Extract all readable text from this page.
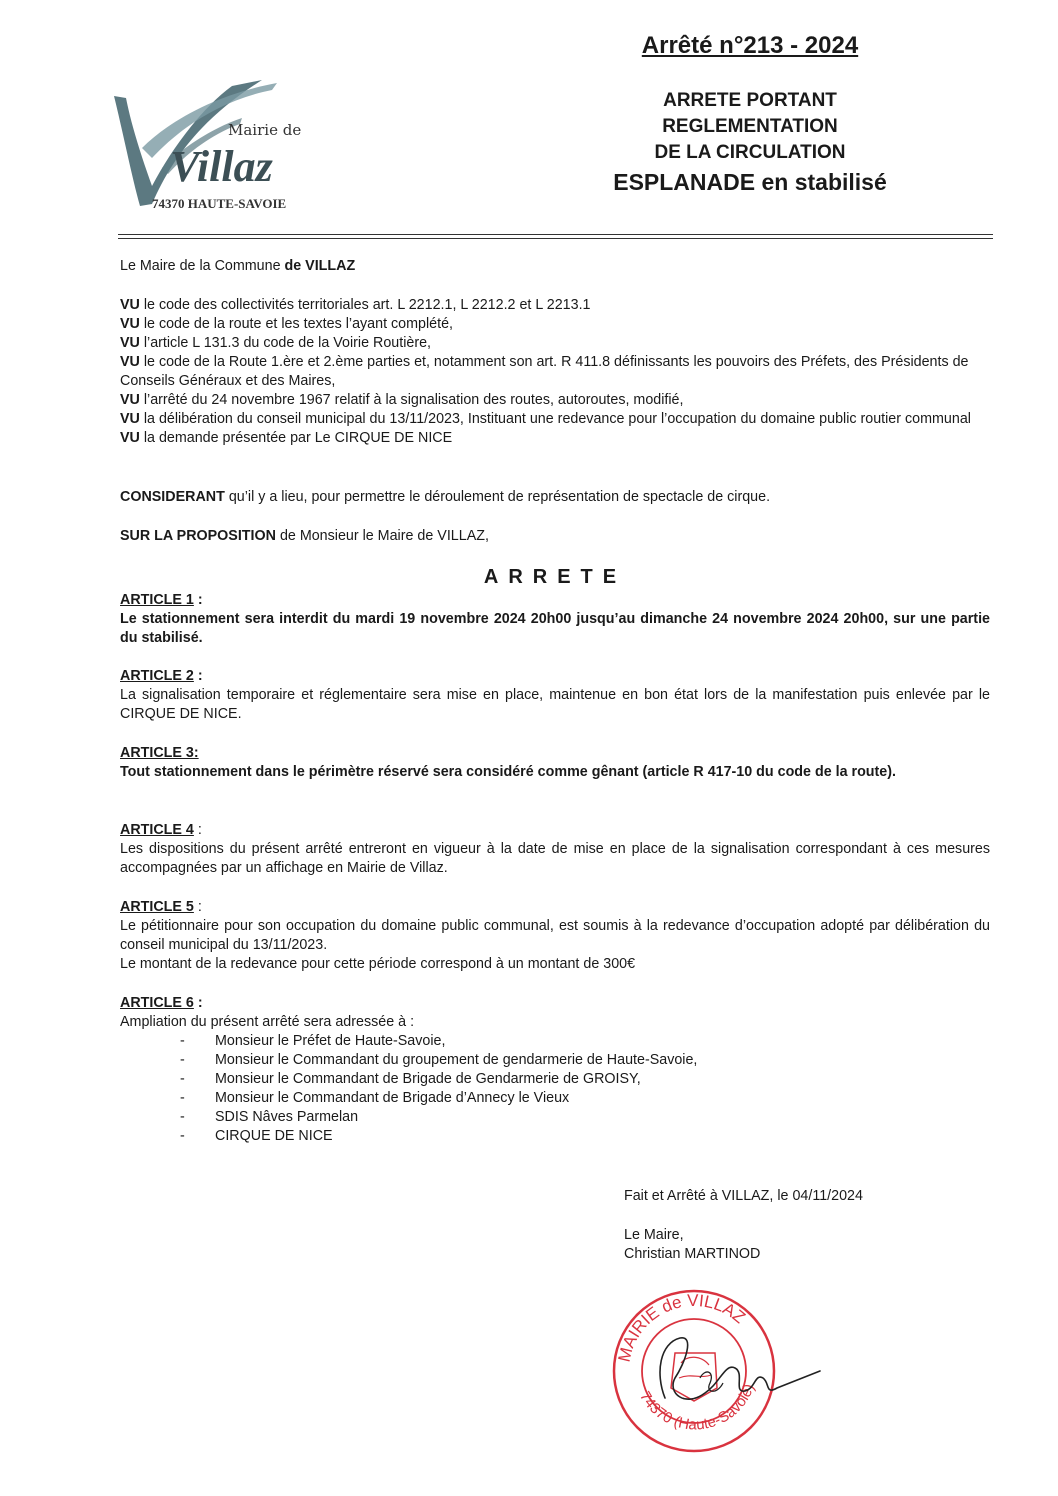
Mairie de
Villaz
74370 HAUTE-SAVOIE
Arrêté n°213 - 2024
ARRETE PORTANT
REGLEMENTATION
DE LA CIRCULATION
ESPLANADE en stabilisé
Le Maire de la Commune de VILLAZ
VU le code des collectivités territoriales art. L 2212.1, L 2212.2 et L 2213.1
VU le code de la route et les textes l’ayant complété,
VU l’article L 131.3 du code de la Voirie Routière,
VU le code de la Route 1.ère et 2.ème parties et, notamment son art. R 411.8 définissants les pouvoirs des Préfets, des Présidents de Conseils Généraux et des Maires,
VU l’arrêté du 24 novembre 1967 relatif à la signalisation des routes, autoroutes, modifié,
VU la délibération du conseil municipal du 13/11/2023, Instituant une redevance pour l’occupation du domaine public routier communal
VU la demande présentée par Le CIRQUE DE NICE
CONSIDERANT qu’il y a lieu, pour permettre le déroulement de représentation de spectacle de cirque.
SUR LA PROPOSITION de Monsieur le Maire de VILLAZ,
ARRETE
ARTICLE 1 :
Le stationnement sera interdit du mardi 19 novembre 2024 20h00 jusqu’au dimanche 24 novembre 2024 20h00, sur une partie du stabilisé.
ARTICLE 2 :
La signalisation temporaire et réglementaire sera mise en place, maintenue en bon état lors de la manifestation puis enlevée par le CIRQUE DE NICE.
ARTICLE 3:
Tout stationnement dans le périmètre réservé sera considéré comme gênant (article R 417-10 du code de la route).
ARTICLE 4 :
Les dispositions du présent arrêté entreront en vigueur à la date de mise en place de la signalisation correspondant à ces mesures accompagnées par un affichage en Mairie de Villaz.
ARTICLE 5 :
Le pétitionnaire pour son occupation du domaine public communal, est soumis à la redevance d’occupation adopté par délibération du conseil municipal du 13/11/2023.
Le montant de la redevance pour cette période correspond à un montant de 300€
ARTICLE 6 :
Ampliation du présent arrêté sera adressée à :
-	Monsieur le Préfet de Haute-Savoie,
-	Monsieur le Commandant du groupement de gendarmerie de Haute-Savoie,
-	Monsieur le Commandant de Brigade de Gendarmerie de GROISY,
-	Monsieur le Commandant de Brigade d’Annecy le Vieux
-	SDIS Nâves Parmelan
-	CIRQUE DE NICE
Fait et Arrêté à VILLAZ, le 04/11/2024
Le Maire,
Christian MARTINOD
MAIRIE de VILLAZ
74370 (Haute-Savoie)
